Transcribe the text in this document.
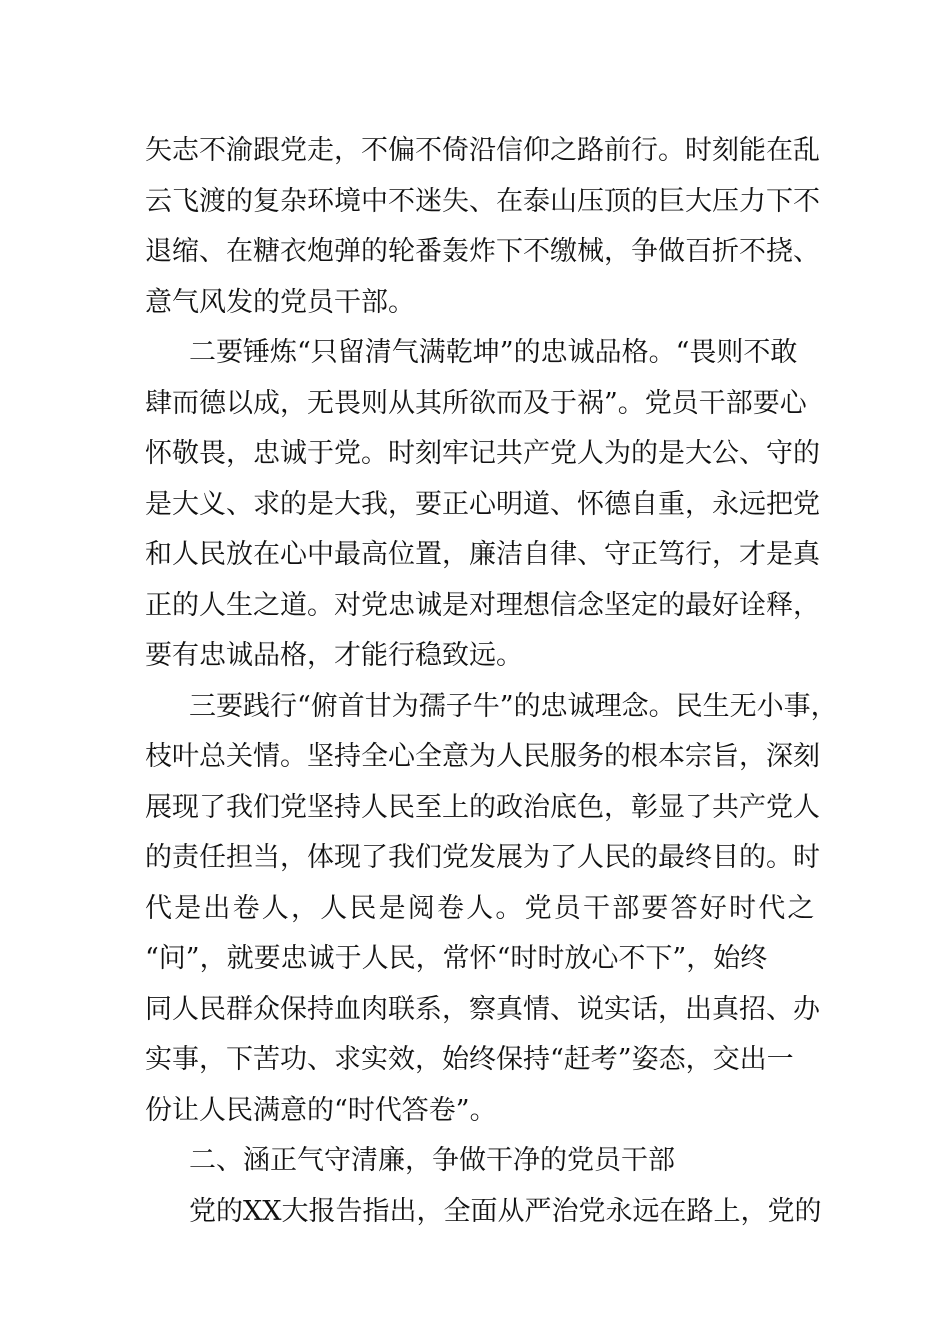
矢志不渝跟党走，不偏不倚沿信仰之路前行。时刻能在乱
云飞渡的复杂环境中不迷失、在泰山压顶的巨大压力下不
退缩、在糖衣炮弹的轮番轰炸下不缴械，争做百折不挠、
意气风发的党员干部。
二要锤炼“只留清气满乾坤”的忠诚品格。“畏则不敢
肆而德以成，无畏则从其所欲而及于祸”。党员干部要心
怀敬畏，忠诚于党。时刻牢记共产党人为的是大公、守的
是大义、求的是大我，要正心明道、怀德自重，永远把党
和人民放在心中最高位置，廉洁自律、守正笃行，才是真
正的人生之道。对党忠诚是对理想信念坚定的最好诠释，
要有忠诚品格，才能行稳致远。
三要践行“俯首甘为孺子牛”的忠诚理念。民生无小事，
枝叶总关情。坚持全心全意为人民服务的根本宗旨，深刻
展现了我们党坚持人民至上的政治底色，彰显了共产党人
的责任担当，体现了我们党发展为了人民的最终目的。时
代是出卷人，人民是阅卷人。党员干部要答好时代之
“问”，就要忠诚于人民，常怀“时时放心不下”，始终
同人民群众保持血肉联系，察真情、说实话，出真招、办
实事，下苦功、求实效，始终保持“赶考”姿态，交出一
份让人民满意的“时代答卷”。
二、涵正气守清廉，争做干净的党员干部
党的XX大报告指出，全面从严治党永远在路上，党的
